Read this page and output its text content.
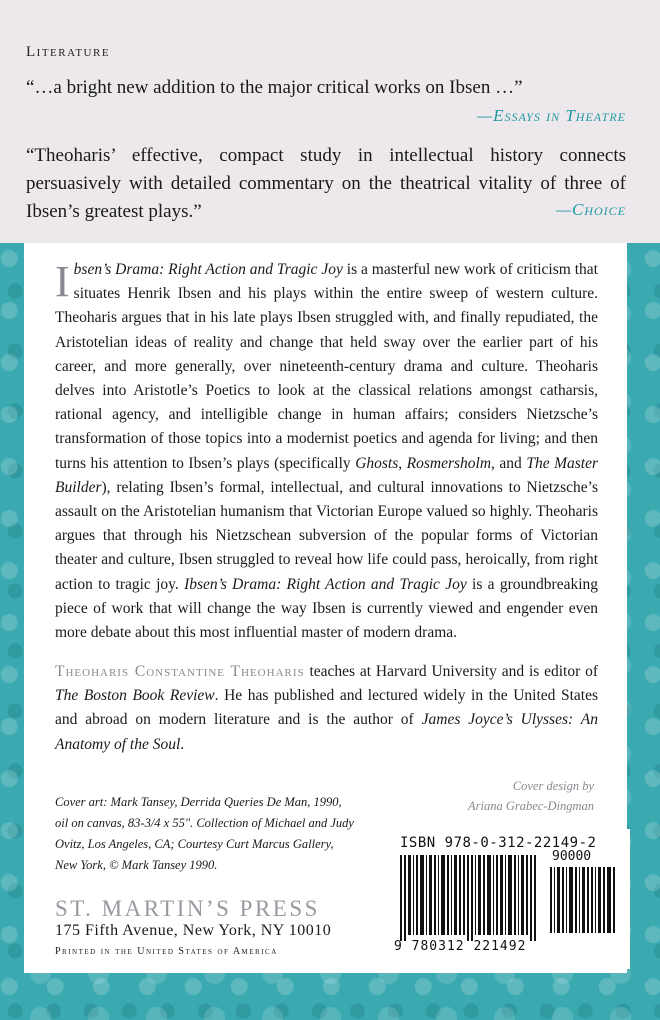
Literature
“…a bright new addition to the major critical works on Ibsen …”
—Essays in Theatre
“Theoharis’ effective, compact study in intellectual history connects persuasively with detailed commentary on the theatrical vitality of three of Ibsen’s greatest plays.”	—Choice
Ibsen’s Drama: Right Action and Tragic Joy is a masterful new work of criticism that situates Henrik Ibsen and his plays within the entire sweep of western culture. Theoharis argues that in his late plays Ibsen struggled with, and finally repudiated, the Aristotelian ideas of reality and change that held sway over the earlier part of his career, and more generally, over nineteenth-century drama and culture. Theoharis delves into Aristotle’s Poetics to look at the classical relations amongst catharsis, rational agency, and intelligible change in human affairs; considers Nietzsche’s transformation of those topics into a modernist poetics and agenda for living; and then turns his attention to Ibsen’s plays (specifically Ghosts, Rosmersholm, and The Master Builder), relating Ibsen’s formal, intellectual, and cultural innovations to Nietzsche’s assault on the Aristotelian humanism that Victorian Europe valued so highly. Theoharis argues that through his Nietzschean subversion of the popular forms of Victorian theater and culture, Ibsen struggled to reveal how life could pass, heroically, from right action to tragic joy. Ibsen’s Drama: Right Action and Tragic Joy is a groundbreaking piece of work that will change the way Ibsen is currently viewed and engender even more debate about this most influential master of modern drama.
Theoharis Constantine Theoharis teaches at Harvard University and is editor of The Boston Book Review. He has published and lectured widely in the United States and abroad on modern literature and is the author of James Joyce’s Ulysses: An Anatomy of the Soul.
Cover design by
Ariana Grabec-Dingman
Cover art: Mark Tansey, Derrida Queries De Man, 1990, oil on canvas, 83-3/4 x 55". Collection of Michael and Judy Ovitz, Los Angeles, CA; Courtesy Curt Marcus Gallery, New York, © Mark Tansey 1990.
ST. MARTIN’S PRESS
175 Fifth Avenue, New York, NY 10010
Printed in the United States of America
ISBN 978-0-312-22149-2
90000
9 780312 221492
